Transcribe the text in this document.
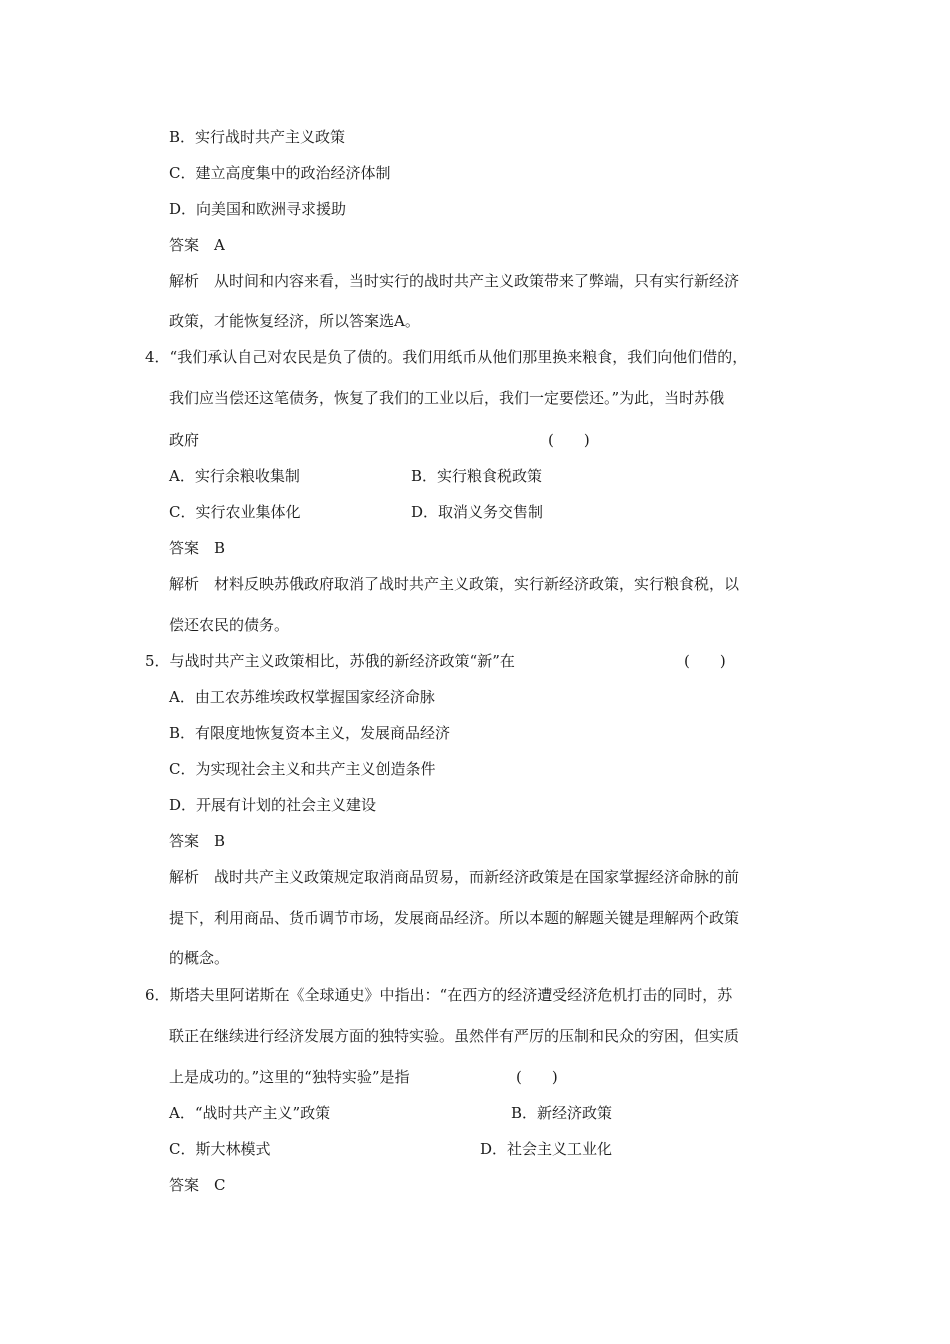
B．实行战时共产主义政策
C．建立高度集中的政治经济体制
D．向美国和欧洲寻求援助
答案　A
解析　从时间和内容来看，当时实行的战时共产主义政策带来了弊端，只有实行新经济
政策，才能恢复经济，所以答案选A。
4．“我们承认自己对农民是负了债的。我们用纸币从他们那里换来粮食，我们向他们借的，
我们应当偿还这笔债务，恢复了我们的工业以后，我们一定要偿还。”为此，当时苏俄
政府	(　　)
A．实行余粮收集制	B．实行粮食税政策
C．实行农业集体化	D．取消义务交售制
答案　B
解析　材料反映苏俄政府取消了战时共产主义政策，实行新经济政策，实行粮食税，以
偿还农民的债务。
5．与战时共产主义政策相比，苏俄的新经济政策“新”在	(　　)
A．由工农苏维埃政权掌握国家经济命脉
B．有限度地恢复资本主义，发展商品经济
C．为实现社会主义和共产主义创造条件
D．开展有计划的社会主义建设
答案　B
解析　战时共产主义政策规定取消商品贸易，而新经济政策是在国家掌握经济命脉的前
提下，利用商品、货币调节市场，发展商品经济。所以本题的解题关键是理解两个政策
的概念。
6．斯塔夫里阿诺斯在《全球通史》中指出：“在西方的经济遭受经济危机打击的同时，苏
联正在继续进行经济发展方面的独特实验。虽然伴有严厉的压制和民众的穷困，但实质
上是成功的。”这里的“独特实验”是指	(　　)
A．“战时共产主义”政策	B．新经济政策
C．斯大林模式	D．社会主义工业化
答案　C
